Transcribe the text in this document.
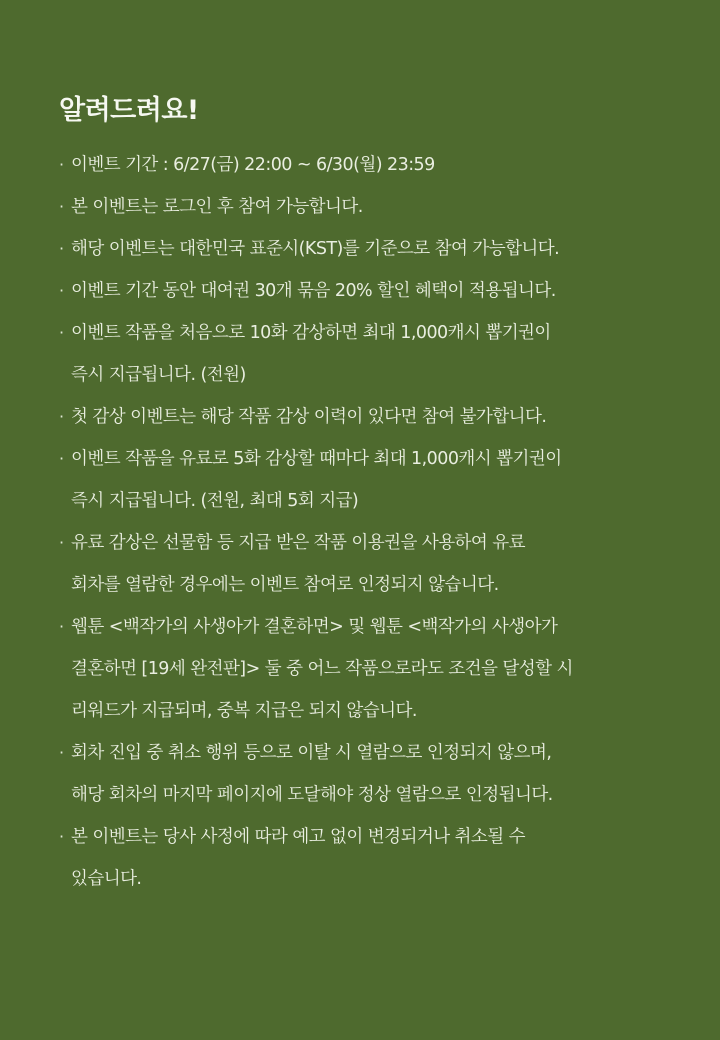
알려드려요!
· 이벤트 기간 : 6/27(금) 22:00 ~ 6/30(월) 23:59
· 본 이벤트는 로그인 후 참여 가능합니다.
· 해당 이벤트는 대한민국 표준시(KST)를 기준으로 참여 가능합니다.
· 이벤트 기간 동안 대여권 30개 묶음 20% 할인 혜택이 적용됩니다.
· 이벤트 작품을 처음으로 10화 감상하면 최대 1,000캐시 뽑기권이
즉시 지급됩니다. (전원)
· 첫 감상 이벤트는 해당 작품 감상 이력이 있다면 참여 불가합니다.
· 이벤트 작품을 유료로 5화 감상할 때마다 최대 1,000캐시 뽑기권이
즉시 지급됩니다. (전원, 최대 5회 지급)
· 유료 감상은 선물함 등 지급 받은 작품 이용권을 사용하여 유료
회차를 열람한 경우에는 이벤트 참여로 인정되지 않습니다.
· 웹툰 <백작가의 사생아가 결혼하면> 및 웹툰 <백작가의 사생아가
결혼하면 [19세 완전판]> 둘 중 어느 작품으로라도 조건을 달성할 시
리워드가 지급되며, 중복 지급은 되지 않습니다.
· 회차 진입 중 취소 행위 등으로 이탈 시 열람으로 인정되지 않으며,
해당 회차의 마지막 페이지에 도달해야 정상 열람으로 인정됩니다.
· 본 이벤트는 당사 사정에 따라 예고 없이 변경되거나 취소될 수
있습니다.
